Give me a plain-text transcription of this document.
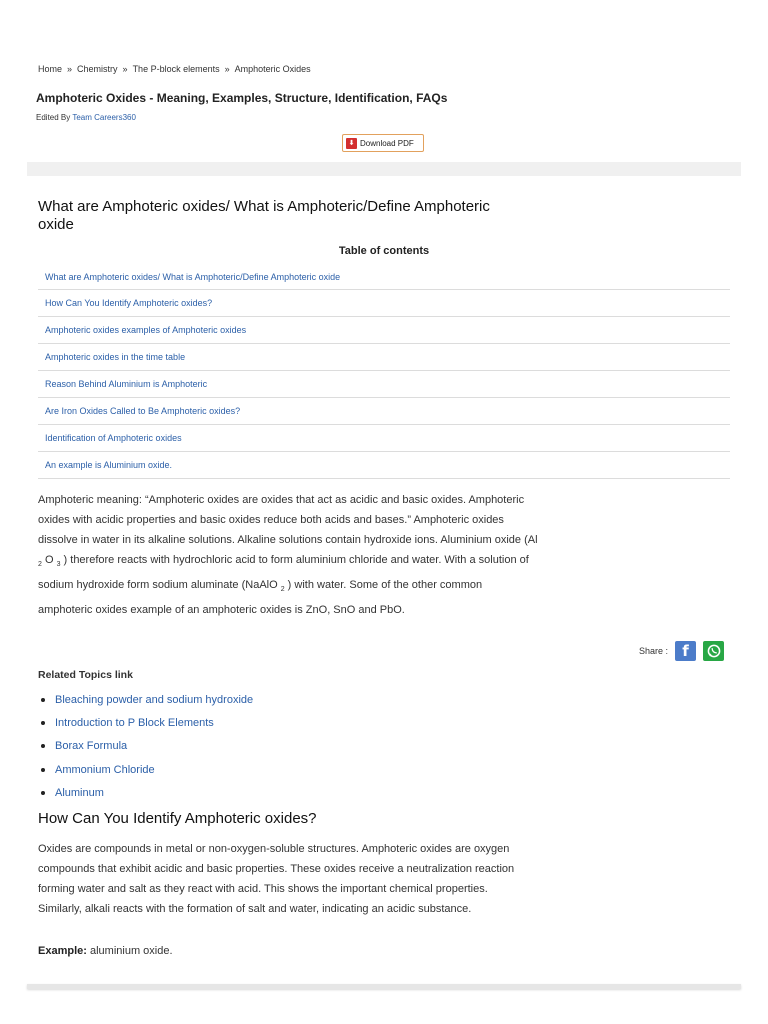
Home » Chemistry » The P-block elements » Amphoteric Oxides
Amphoteric Oxides - Meaning, Examples, Structure, Identification, FAQs
Edited By Team Careers360
⬇ Download PDF
What are Amphoteric oxides/ What is Amphoteric/Define Amphoteric oxide
Table of contents
What are Amphoteric oxides/ What is Amphoteric/Define Amphoteric oxide
How Can You Identify Amphoteric oxides?
Amphoteric oxides examples of Amphoteric oxides
Amphoteric oxides in the time table
Reason Behind Aluminium is Amphoteric
Are Iron Oxides Called to Be Amphoteric oxides?
Identification of Amphoteric oxides
An example is Aluminium oxide.

Amphoteric meaning: “Amphoteric oxides are oxides that act as acidic and basic oxides. Amphoteric oxides with acidic properties and basic oxides reduce both acids and bases.” Amphoteric oxides dissolve in water in its alkaline solutions. Alkaline solutions contain hydroxide ions. Aluminium oxide (Al $_2$ O $_3$ ) therefore reacts with hydrochloric acid to form aluminium chloride and water. With a solution of sodium hydroxide form sodium aluminate (NaAlO $_2$ ) with water. Some of the other common amphoteric oxides example of an amphoteric oxides is ZnO, SnO and PbO.

Share : f
Related Topics link
Bleaching powder and sodium hydroxide
Introduction to P Block Elements
Borax Formula
Ammonium Chloride
Aluminum
How Can You Identify Amphoteric oxides?

Oxides are compounds in metal or non-oxygen-soluble structures. Amphoteric oxides are oxygen compounds that exhibit acidic and basic properties. These oxides receive a neutralization reaction forming water and salt as they react with acid. This shows the important chemical properties. Similarly, alkali reacts with the formation of salt and water, indicating an acidic substance.

Example: aluminium oxide.
